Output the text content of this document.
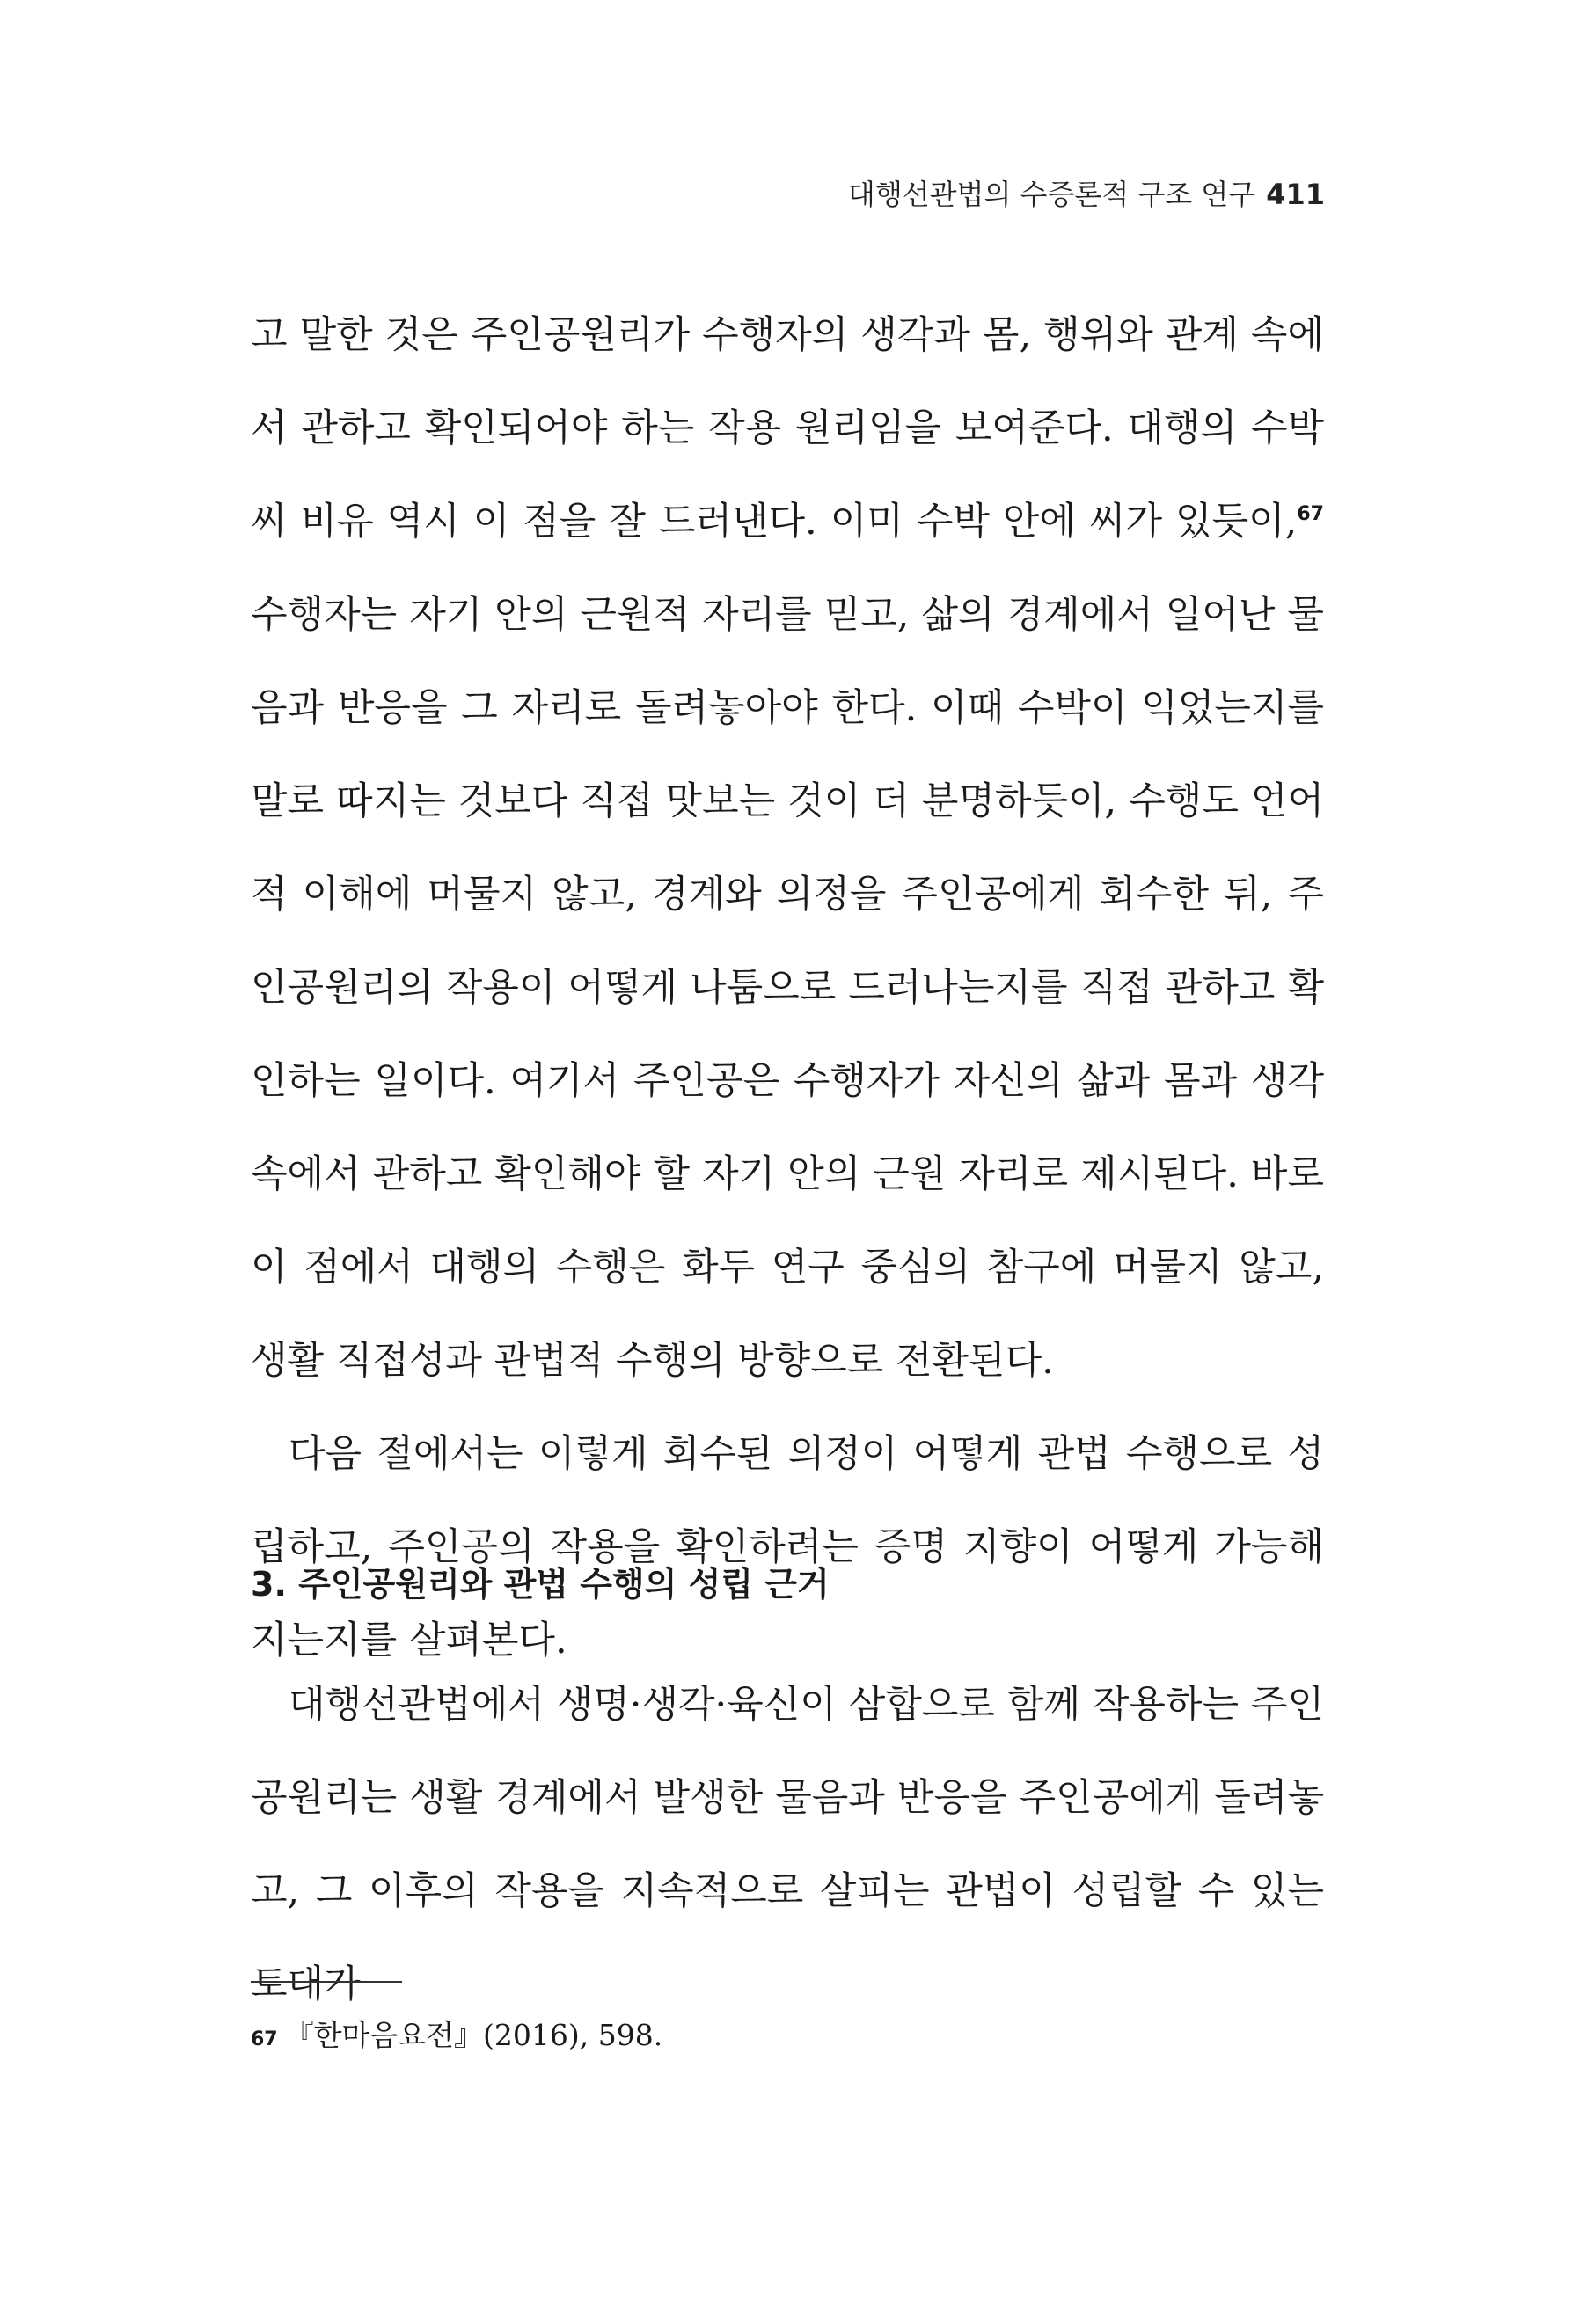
대행선관법의 수증론적 구조 연구 411

고 말한 것은 주인공원리가 수행자의 생각과 몸, 행위와 관계 속에서 관하고 확인되어야 하는 작용 원리임을 보여준다. 대행의 수박씨 비유 역시 이 점을 잘 드러낸다. 이미 수박 안에 씨가 있듯이,$^{67}$ 수행자는 자기 안의 근원적 자리를 믿고, 삶의 경계에서 일어난 물음과 반응을 그 자리로 돌려놓아야 한다. 이때 수박이 익었는지를 말로 따지는 것보다 직접 맛보는 것이 더 분명하듯이, 수행도 언어적 이해에 머물지 않고, 경계와 의정을 주인공에게 회수한 뒤, 주인공원리의 작용이 어떻게 나툼으로 드러나는지를 직접 관하고 확인하는 일이다. 여기서 주인공은 수행자가 자신의 삶과 몸과 생각 속에서 관하고 확인해야 할 자기 안의 근원 자리로 제시된다. 바로 이 점에서 대행의 수행은 화두 연구 중심의 참구에 머물지 않고, 생활 직접성과 관법적 수행의 방향으로 전환된다.

다음 절에서는 이렇게 회수된 의정이 어떻게 관법 수행으로 성립하고, 주인공의 작용을 확인하려는 증명 지향이 어떻게 가능해지는지를 살펴본다.

3. 주인공원리와 관법 수행의 성립 근거

대행선관법에서 생명·생각·육신이 삼합으로 함께 작용하는 주인공원리는 생활 경계에서 발생한 물음과 반응을 주인공에게 돌려놓고, 그 이후의 작용을 지속적으로 살피는 관법이 성립할 수 있는 토대가

67 『한마음요전』(2016), 598.
